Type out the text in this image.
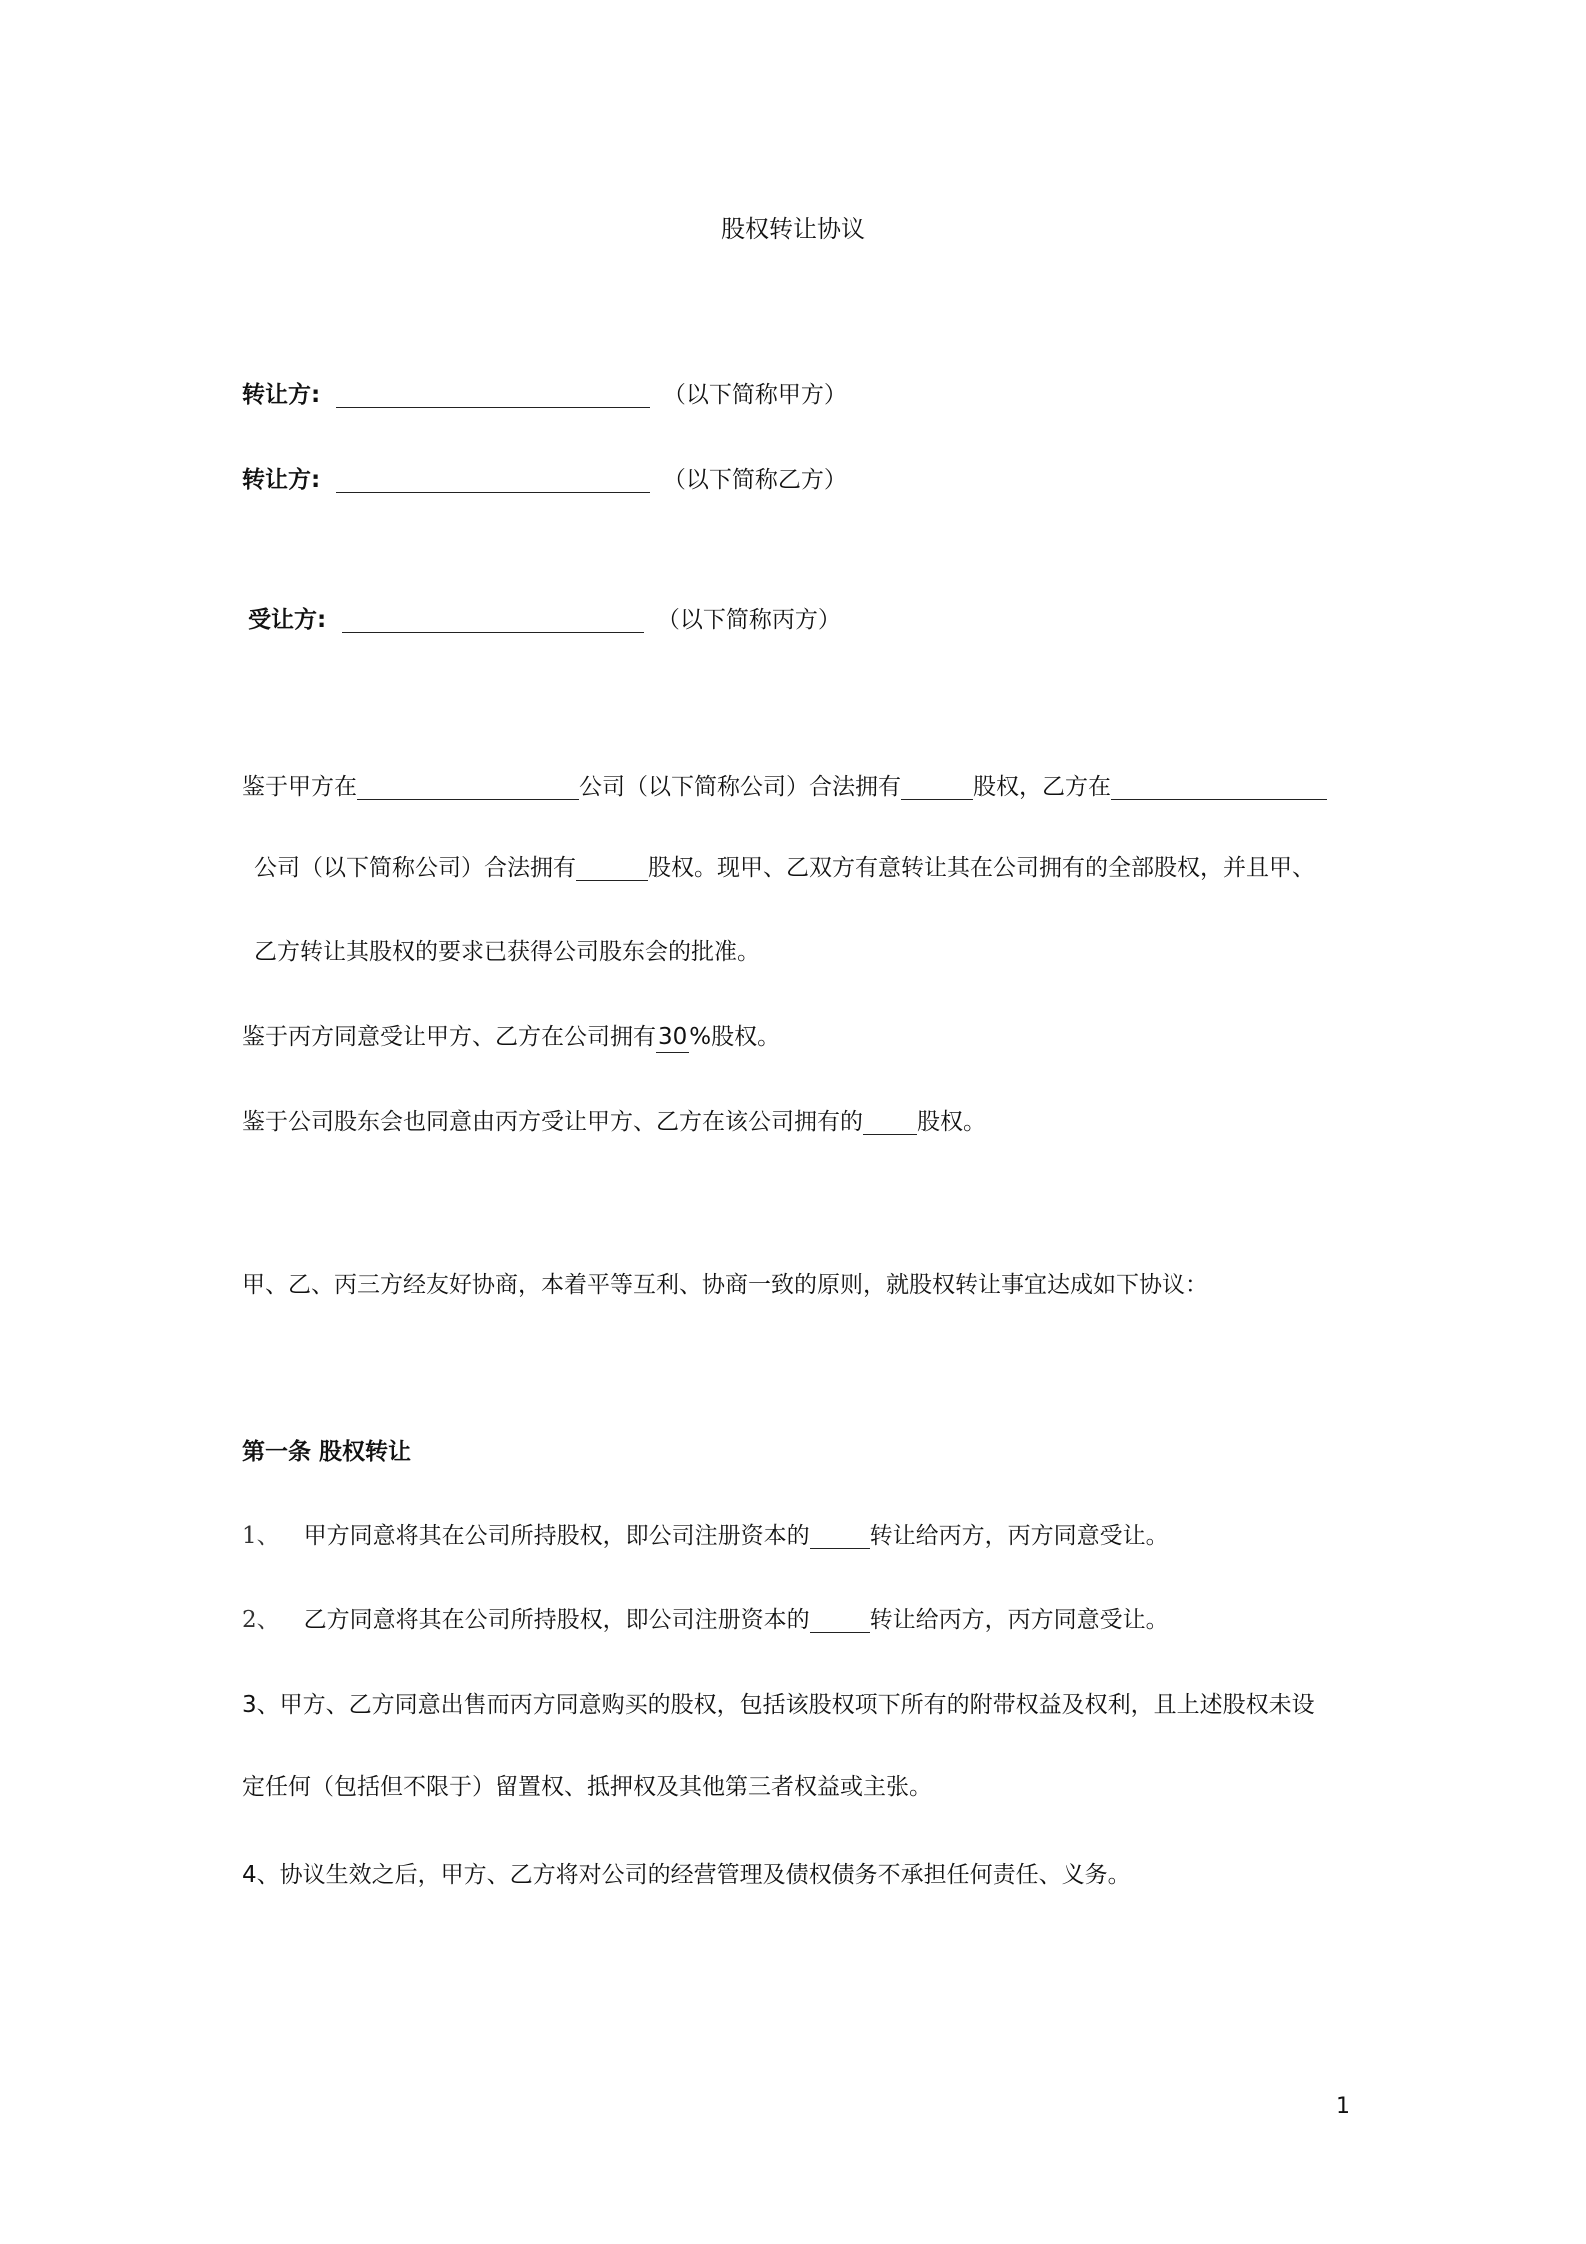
股权转让协议
转让方:	（以下简称甲方）
转让方:	（以下简称乙方）
受让方:	（以下简称丙方）
鉴于甲方在	公司（以下简称公司）合法拥有	股权，乙方在
公司（以下简称公司）合法拥有	股权。现甲、乙双方有意转让其在公司拥有的全部股权，并且甲、
乙方转让其股权的要求已获得公司股东会的批准。
鉴于丙方同意受让甲方、乙方在公司拥有30%股权。
鉴于公司股东会也同意由丙方受让甲方、乙方在该公司拥有的 股权。
甲、乙、丙三方经友好协商，本着平等互利、协商一致的原则，就股权转让事宜达成如下协议：
第一条 股权转让
1、 甲方同意将其在公司所持股权，即公司注册资本的	转让给丙方，丙方同意受让。
2、 乙方同意将其在公司所持股权，即公司注册资本的	转让给丙方，丙方同意受让。
3、甲方、乙方同意出售而丙方同意购买的股权，包括该股权项下所有的附带权益及权利，且上述股权未设
定任何（包括但不限于）留置权、抵押权及其他第三者权益或主张。
4、协议生效之后，甲方、乙方将对公司的经营管理及债权债务不承担任何责任、义务。
1
